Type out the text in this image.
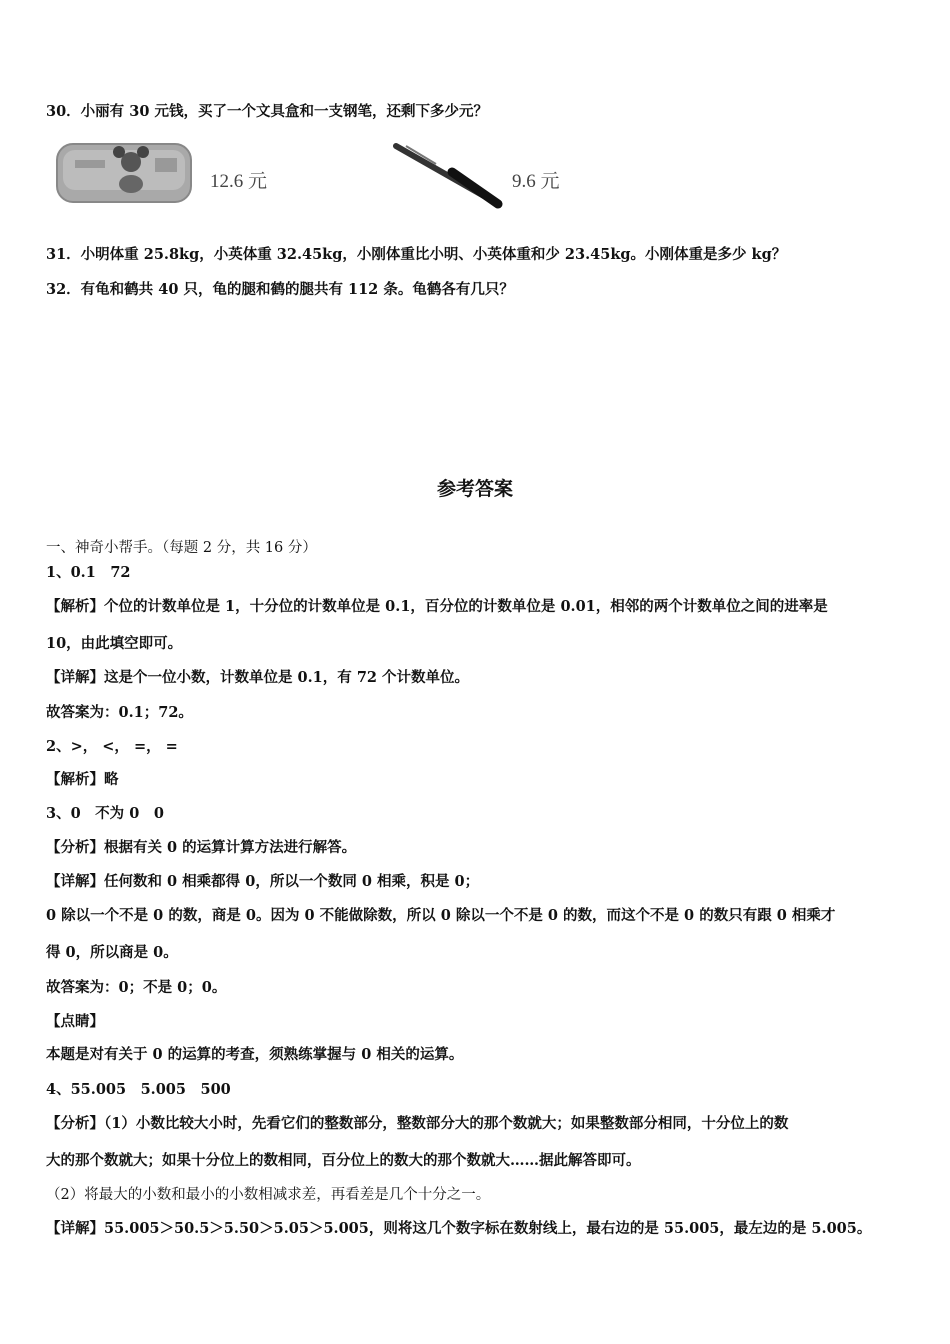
30．小丽有 30 元钱，买了一个文具盒和一支钢笔，还剩下多少元？
12.6 元	9.6 元
31．小明体重 25.8kg，小英体重 32.45kg，小刚体重比小明、小英体重和少 23.45kg。小刚体重是多少 kg？
32．有龟和鹤共 40 只，龟的腿和鹤的腿共有 112 条。龟鹤各有几只？
参考答案
一、神奇小帮手。（每题 2 分，共 16 分）
1、0.1　72
【解析】个位的计数单位是 1，十分位的计数单位是 0.1，百分位的计数单位是 0.01，相邻的两个计数单位之间的进率是
10，由此填空即可。
【详解】这是个一位小数，计数单位是 0.1，有 72 个计数单位。
故答案为：0.1；72。
2、>， <， =， =
【解析】略
3、0　不为 0　0
【分析】根据有关 0 的运算计算方法进行解答。
【详解】任何数和 0 相乘都得 0，所以一个数同 0 相乘，积是 0；
0 除以一个不是 0 的数，商是 0。因为 0 不能做除数，所以 0 除以一个不是 0 的数，而这个不是 0 的数只有跟 0 相乘才
得 0，所以商是 0。
故答案为：0；不是 0；0。
【点睛】
本题是对有关于 0 的运算的考查，须熟练掌握与 0 相关的运算。
4、55.005　5.005　500
【分析】（1）小数比较大小时，先看它们的整数部分，整数部分大的那个数就大；如果整数部分相同，十分位上的数
大的那个数就大；如果十分位上的数相同，百分位上的数大的那个数就大……据此解答即可。
（2）将最大的小数和最小的小数相减求差，再看差是几个十分之一。
【详解】55.005＞50.5＞5.50＞5.05＞5.005，则将这几个数字标在数射线上，最右边的是 55.005，最左边的是 5.005。
